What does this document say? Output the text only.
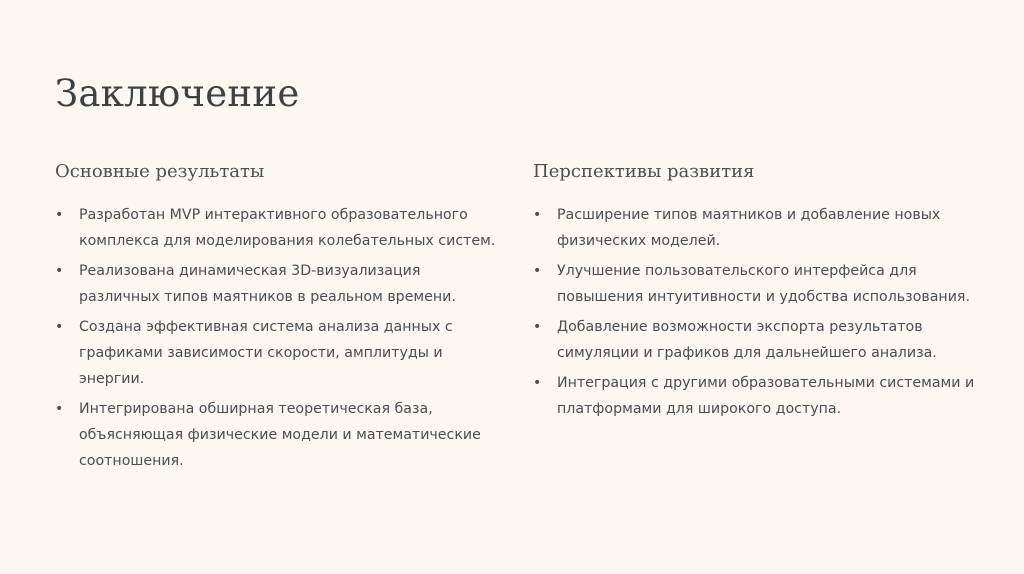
Заключение
Основные результаты
• Разработан MVP интерактивного образовательного комплекса для моделирования колебательных систем.
• Реализована динамическая 3D-визуализация различных типов маятников в реальном времени.
• Создана эффективная система анализа данных с графиками зависимости скорости, амплитуды и энергии.
• Интегрирована обширная теоретическая база, объясняющая физические модели и математические соотношения.
Перспективы развития
• Расширение типов маятников и добавление новых физических моделей.
• Улучшение пользовательского интерфейса для повышения интуитивности и удобства использования.
• Добавление возможности экспорта результатов симуляции и графиков для дальнейшего анализа.
• Интеграция с другими образовательными системами и платформами для широкого доступа.
